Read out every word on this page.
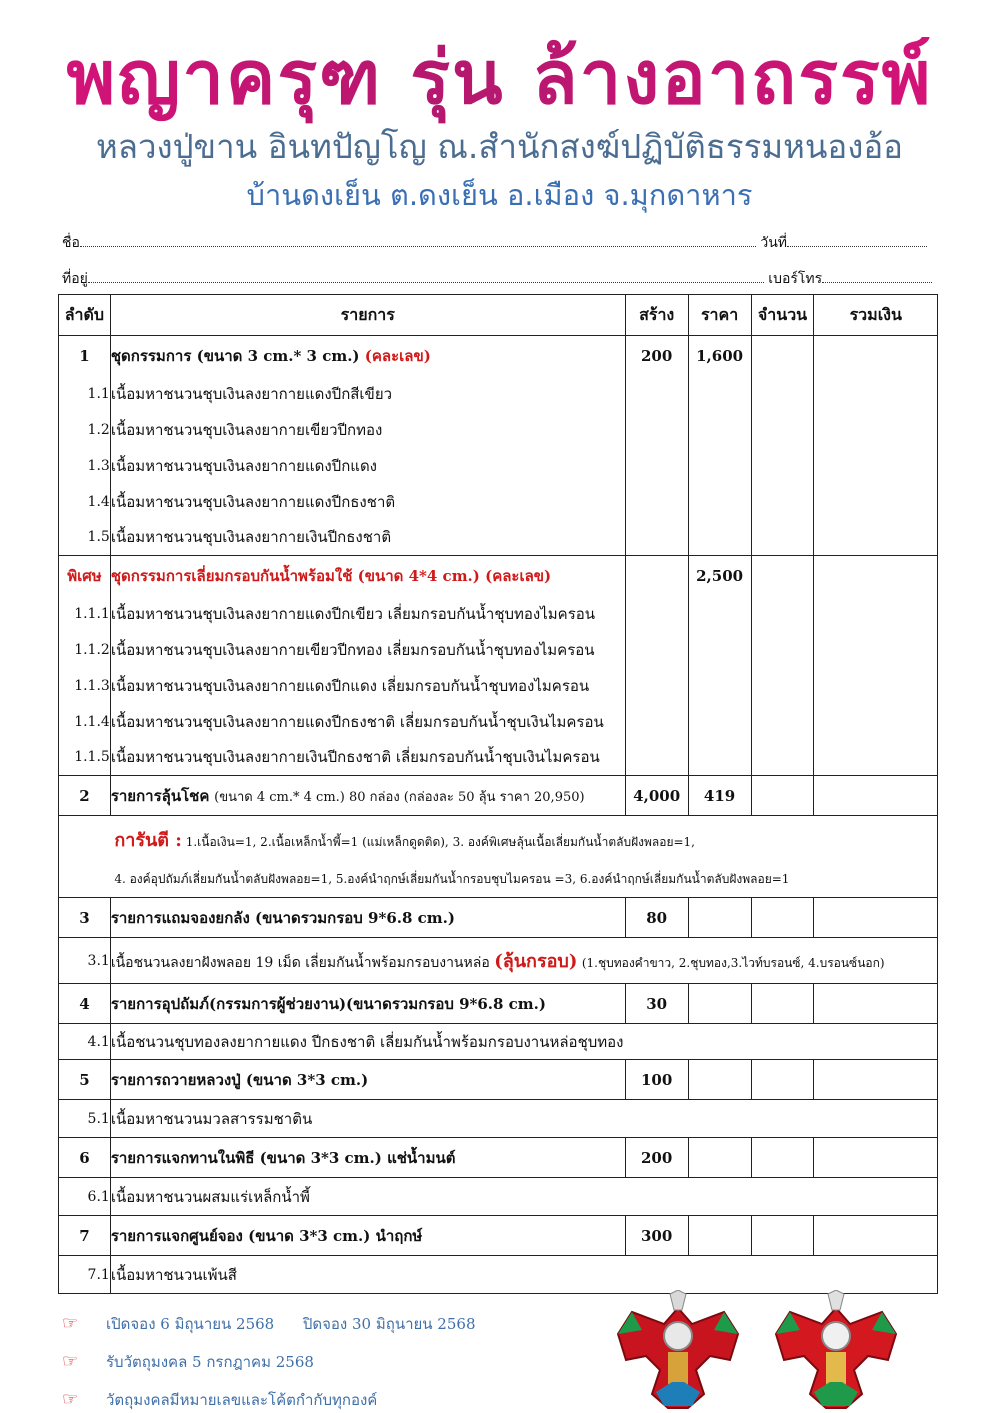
พญาครุฑ รุ่น ล้างอาถรรพ์
หลวงปู่ขาน อินทปัญโญ ณ.สำนักสงฆ์ปฏิบัติธรรมหนองอ้อ
บ้านดงเย็น ต.ดงเย็น อ.เมือง จ.มุกดาหาร
ชื่อ	วันที่
ที่อยู่	เบอร์โทร
ลำดับ	รายการ	สร้าง	ราคา	จำนวน	รวมเงิน
1	ชุดกรรมการ (ขนาด 3 cm.* 3 cm.) (คละเลข)	200	1,600		
1.1	เนื้อมหาชนวนชุบเงินลงยากายแดงปีกสีเขียว				
1.2	เนื้อมหาชนวนชุบเงินลงยากายเขียวปีกทอง				
1.3	เนื้อมหาชนวนชุบเงินลงยากายแดงปีกแดง				
1.4	เนื้อมหาชนวนชุบเงินลงยากายแดงปีกธงชาติ				
1.5	เนื้อมหาชนวนชุบเงินลงยากายเงินปีกธงชาติ				
พิเศษ	ชุดกรรมการเลี่ยมกรอบกันน้ำพร้อมใช้ (ขนาด 4*4 cm.) (คละเลข)		2,500		
1.1.1	เนื้อมหาชนวนชุบเงินลงยากายแดงปีกเขียว เลี่ยมกรอบกันน้ำชุบทองไมครอน				
1.1.2	เนื้อมหาชนวนชุบเงินลงยากายเขียวปีกทอง เลี่ยมกรอบกันน้ำชุบทองไมครอน				
1.1.3	เนื้อมหาชนวนชุบเงินลงยากายแดงปีกแดง เลี่ยมกรอบกันน้ำชุบทองไมครอน				
1.1.4	เนื้อมหาชนวนชุบเงินลงยากายแดงปีกธงชาติ เลี่ยมกรอบกันน้ำชุบเงินไมครอน				
1.1.5	เนื้อมหาชนวนชุบเงินลงยากายเงินปีกธงชาติ เลี่ยมกรอบกันน้ำชุบเงินไมครอน				
2	รายการลุ้นโชค (ขนาด 4 cm.* 4 cm.) 80 กล่อง (กล่องละ 50 ลุ้น ราคา 20,950)	4,000	419		
	การันตี : 1.เนื้อเงิน=1, 2.เนื้อเหล็กน้ำพี้=1 (แม่เหล็กดูดติด), 3. องค์พิเศษลุ้นเนื้อเลี่ยมกันน้ำตลับฝังพลอย=1,
4. องค์อุปถัมภ์เลี่ยมกันน้ำตลับฝังพลอย=1, 5.องค์นำฤกษ์เลี่ยมกันน้ำกรอบชุบไมครอน =3, 6.องค์นำฤกษ์เลี่ยมกันน้ำตลับฝังพลอย=1				
3	รายการแถมจองยกลัง (ขนาดรวมกรอบ 9*6.8 cm.)	80			
3.1	เนื้อชนวนลงยาฝังพลอย 19 เม็ด เลี่ยมกันน้ำพร้อมกรอบงานหล่อ (ลุ้นกรอบ) (1.ชุบทองคำขาว, 2.ชุบทอง,3.ไวท์บรอนซ์, 4.บรอนซ์นอก)				
4	รายการอุปถัมภ์(กรรมการผู้ช่วยงาน)(ขนาดรวมกรอบ 9*6.8 cm.)	30			
4.1	เนื้อชนวนชุบทองลงยากายแดง ปีกธงชาติ เลี่ยมกันน้ำพร้อมกรอบงานหล่อชุบทอง				
5	รายการถวายหลวงปู่ (ขนาด 3*3 cm.)	100			
5.1	เนื้อมหาชนวนมวลสารรมชาติน				
6	รายการแจกทานในพิธี (ขนาด 3*3 cm.) แช่น้ำมนต์	200			
6.1	เนื้อมหาชนวนผสมแร่เหล็กน้ำพี้				
7	รายการแจกศูนย์จอง (ขนาด 3*3 cm.) นำฤกษ์	300			
7.1	เนื้อมหาชนวนเพ้นสี				
☞ เปิดจอง 6 มิถุนายน 2568 ปิดจอง 30 มิถุนายน 2568
☞ รับวัตถุมงคล 5 กรกฎาคม 2568
☞ วัตถุมงคลมีหมายเลขและโค้ตกำกับทุกองค์
